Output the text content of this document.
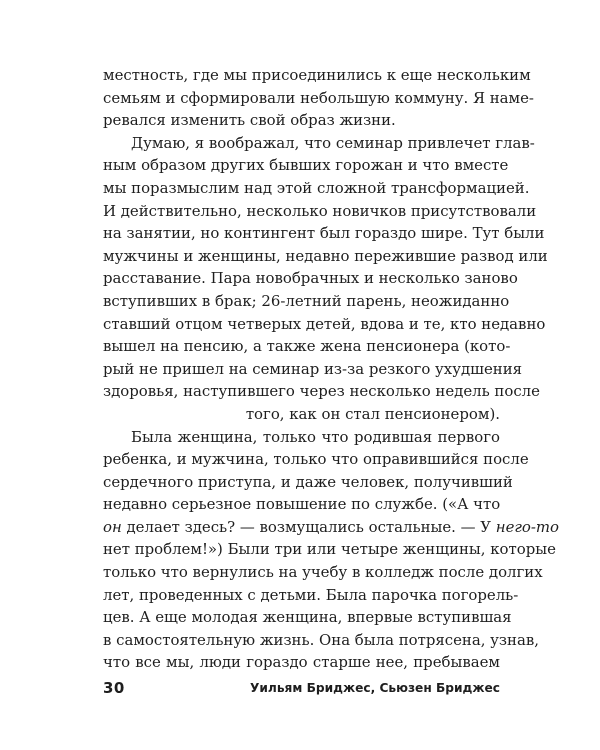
местность, где мы присоединились к еще нескольким
семьям и сформировали небольшую коммуну. Я наме-
ревался изменить свой образ жизни.
Думаю, я воображал, что семинар привлечет глав-
ным образом других бывших горожан и что вместе
мы поразмыслим над этой сложной трансформацией.
И действительно, несколько новичков присутствовали
на занятии, но контингент был гораздо шире. Тут были
мужчины и женщины, недавно пережившие развод или
расставание. Пара новобрачных и несколько заново
вступивших в брак; 26-летний парень, неожиданно
ставший отцом четверых детей, вдова и те, кто недавно
вышел на пенсию, а также жена пенсионера (кото-
рый не пришел на семинар из-за резкого ухудшения
здоровья, наступившего через несколько недель после
того, как он стал пенсионером).
Была женщина, только что родившая первого
ребенка, и мужчина, только что оправившийся после
сердечного приступа, и даже человек, получивший
недавно серьезное повышение по службе. («А что
он делает здесь? — возмущались остальные. — У него-то
нет проблем!») Были три или четыре женщины, которые
только что вернулись на учебу в колледж после долгих
лет, проведенных с детьми. Была парочка погорель-
цев. А еще молодая женщина, впервые вступившая
в самостоятельную жизнь. Она была потрясена, узнав,
что все мы, люди гораздо старше нее, пребываем
30	Уильям Бриджес, Сьюзен Бриджес
